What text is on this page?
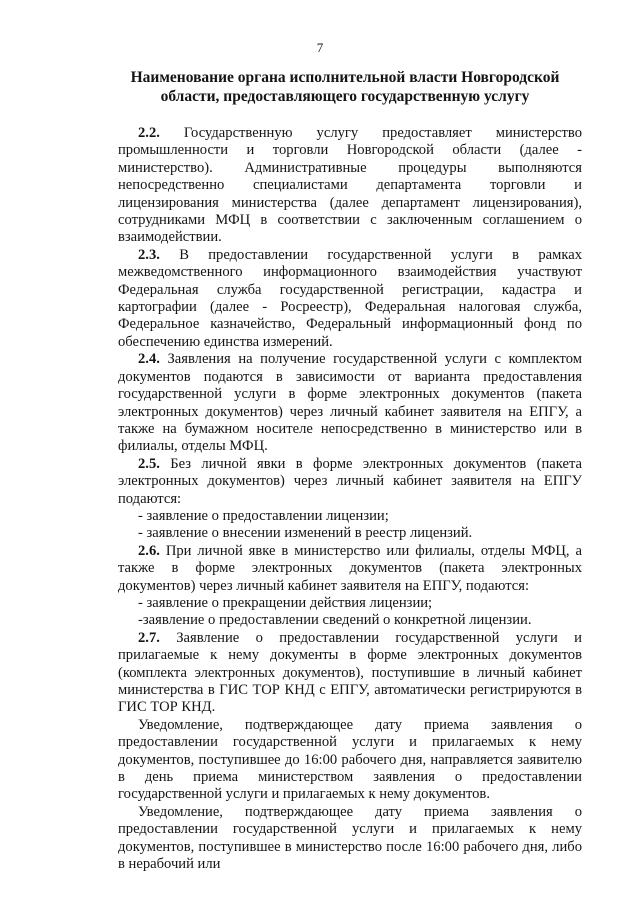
7
Наименование органа исполнительной власти Новгородской области, предоставляющего государственную услугу

2.2. Государственную услугу предоставляет министерство промышленности и торговли Новгородской области (далее - министерство). Административные процедуры выполняются непосредственно специалистами департамента торговли и лицензирования министерства (далее департамент лицензирования), сотрудниками МФЦ в соответствии с заключенным соглашением о взаимодействии.

2.3. В предоставлении государственной услуги в рамках межведомственного информационного взаимодействия участвуют Федеральная служба государственной регистрации, кадастра и картографии (далее - Росреестр), Федеральная налоговая служба, Федеральное казначейство, Федеральный информационный фонд по обеспечению единства измерений.

2.4. Заявления на получение государственной услуги с комплектом документов подаются в зависимости от варианта предоставления государственной услуги в форме электронных документов (пакета электронных документов) через личный кабинет заявителя на ЕПГУ, а также на бумажном носителе непосредственно в министерство или в филиалы, отделы МФЦ.

2.5. Без личной явки в форме электронных документов (пакета электронных документов) через личный кабинет заявителя на ЕПГУ подаются:

- заявление о предоставлении лицензии;

- заявление о внесении изменений в реестр лицензий.

2.6. При личной явке в министерство или филиалы, отделы МФЦ, а также в форме электронных документов (пакета электронных документов) через личный кабинет заявителя на ЕПГУ, подаются:

- заявление о прекращении действия лицензии;

-заявление о предоставлении сведений о конкретной лицензии.

2.7. Заявление о предоставлении государственной услуги и прилагаемые к нему документы в форме электронных документов (комплекта электронных документов), поступившие в личный кабинет министерства в ГИС ТОР КНД с ЕПГУ, автоматически регистрируются в ГИС ТОР КНД.

Уведомление, подтверждающее дату приема заявления о предоставлении государственной услуги и прилагаемых к нему документов, поступившее до 16:00 рабочего дня, направляется заявителю в день приема министерством заявления о предоставлении государственной услуги и прилагаемых к нему документов.

Уведомление, подтверждающее дату приема заявления о предоставлении государственной услуги и прилагаемых к нему документов, поступившее в министерство после 16:00 рабочего дня, либо в нерабочий или
